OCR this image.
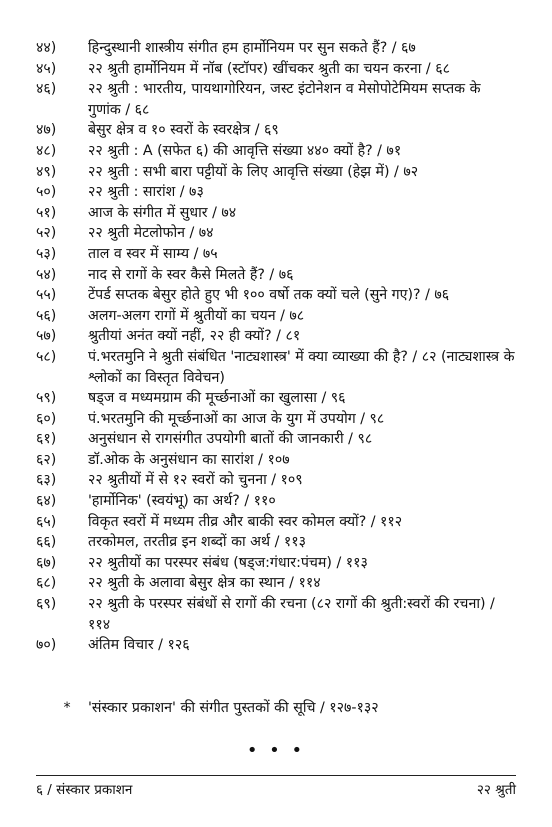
४४)	हिन्दुस्थानी शास्त्रीय संगीत हम हार्मोनियम पर सुन सकते हैं? / ६७
४५)	२२ श्रुती हार्मोनियम में नॉब (स्टॉपर) खींचकर श्रुती का चयन करना / ६८
४६)	२२ श्रुती : भारतीय, पायथागोरियन, जस्ट इंटोनेशन व मेसोपोटेमियम सप्तक के गुणांक / ६८
४७)	बेसुर क्षेत्र व १० स्वरों के स्वरक्षेत्र / ६९
४८)	२२ श्रुती : A (सफेत ६) की आवृत्ति संख्या ४४० क्यों है? / ७१
४९)	२२ श्रुती : सभी बारा पट्टीयों के लिए आवृत्ति संख्या (हेझ में) / ७२
५०)	२२ श्रुती : सारांश / ७३
५१)	आज के संगीत में सुधार / ७४
५२)	२२ श्रुती मेटलोफोन / ७४
५३)	ताल व स्वर में साम्य / ७५
५४)	नाद से रागों के स्वर कैसे मिलते हैं? / ७६
५५)	टेंपर्ड सप्तक बेसुर होते हुए भी १०० वर्षो तक क्यों चले (सुने गए)? / ७६
५६)	अलग-अलग रागों में श्रुतीयों का चयन / ७८
५७)	श्रुतीयां अनंत क्यों नहीं, २२ ही क्यों? / ८१
५८)	पं.भरतमुनि ने श्रुती संबंधित 'नाट्यशास्त्र' में क्या व्याख्या की है? / ८२ (नाट्यशास्त्र के श्लोकों का विस्तृत विवेचन)
५९)	षड्ज व मध्यमग्राम की मूर्च्छनाओं का खुलासा / ९६
६०)	पं.भरतमुनि की मूर्च्छनाओं का आज के युग में उपयोग / ९८
६१)	अनुसंधान से रागसंगीत उपयोगी बातों की जानकारी / ९८
६२)	डॉ.ओक के अनुसंधान का सारांश / १०७
६३)	२२ श्रुतीयों में से १२ स्वरों को चुनना / १०९
६४)	'हार्मोनिक' (स्वयंभू) का अर्थ? / ११०
६५)	विकृत स्वरों में मध्यम तीव्र और बाकी स्वर कोमल क्यों? / ११२
६६)	तरकोमल, तरतीव्र इन शब्दों का अर्थ / ११३
६७)	२२ श्रुतीयों का परस्पर संबंध (षड्ज:गंधार:पंचम) / ११३
६८)	२२ श्रुती के अलावा बेसुर क्षेत्र का स्थान / ११४
६९)	२२ श्रुती के परस्पर संबंधों से रागों की रचना (८२ रागों की श्रुती:स्वरों की रचना) / ११४
७०)	अंतिम विचार / १२६
*	'संस्कार प्रकाशन' की संगीत पुस्तकों की सूचि / १२७-१३२
• • •
६ / संस्कार प्रकाशन	२२ श्रुती
